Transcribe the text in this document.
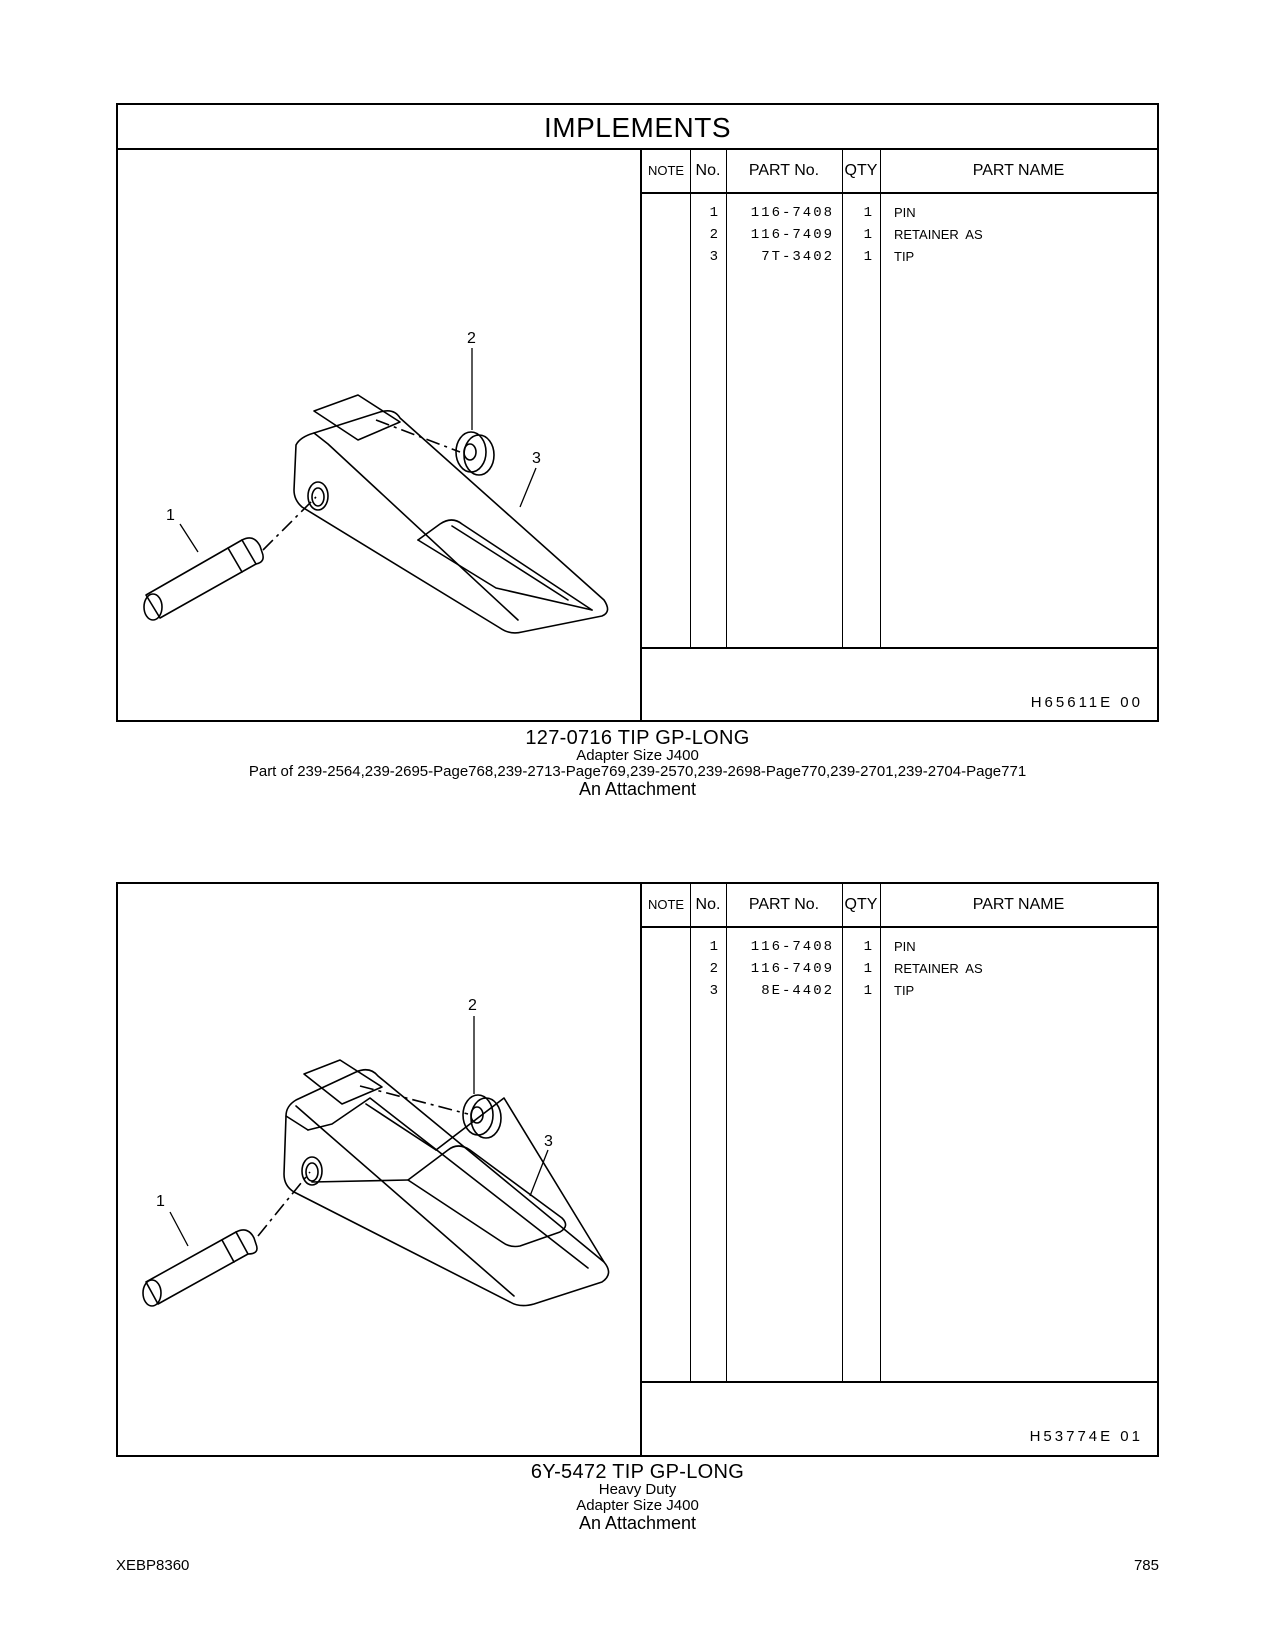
IMPLEMENTS
2
3
1
NOTE No.	PART No.	QTY	PART NAME
1	116-7408	1 PIN
2	116-7409	1 RETAINER  AS
3	7T-3402	1 TIP
H65611E 00
127-0716 TIP GP-LONG
Adapter Size J400
Part of 239-2564,239-2695-Page768,239-2713-Page769,239-2570,239-2698-Page770,239-2701,239-2704-Page771
An Attachment
2
3
1
NOTE No.	PART No.	QTY	PART NAME
1	116-7408	1 PIN
2	116-7409	1 RETAINER  AS
3	8E-4402	1 TIP
H53774E 01
6Y-5472 TIP GP-LONG
Heavy Duty
Adapter Size J400
An Attachment
XEBP8360	785
